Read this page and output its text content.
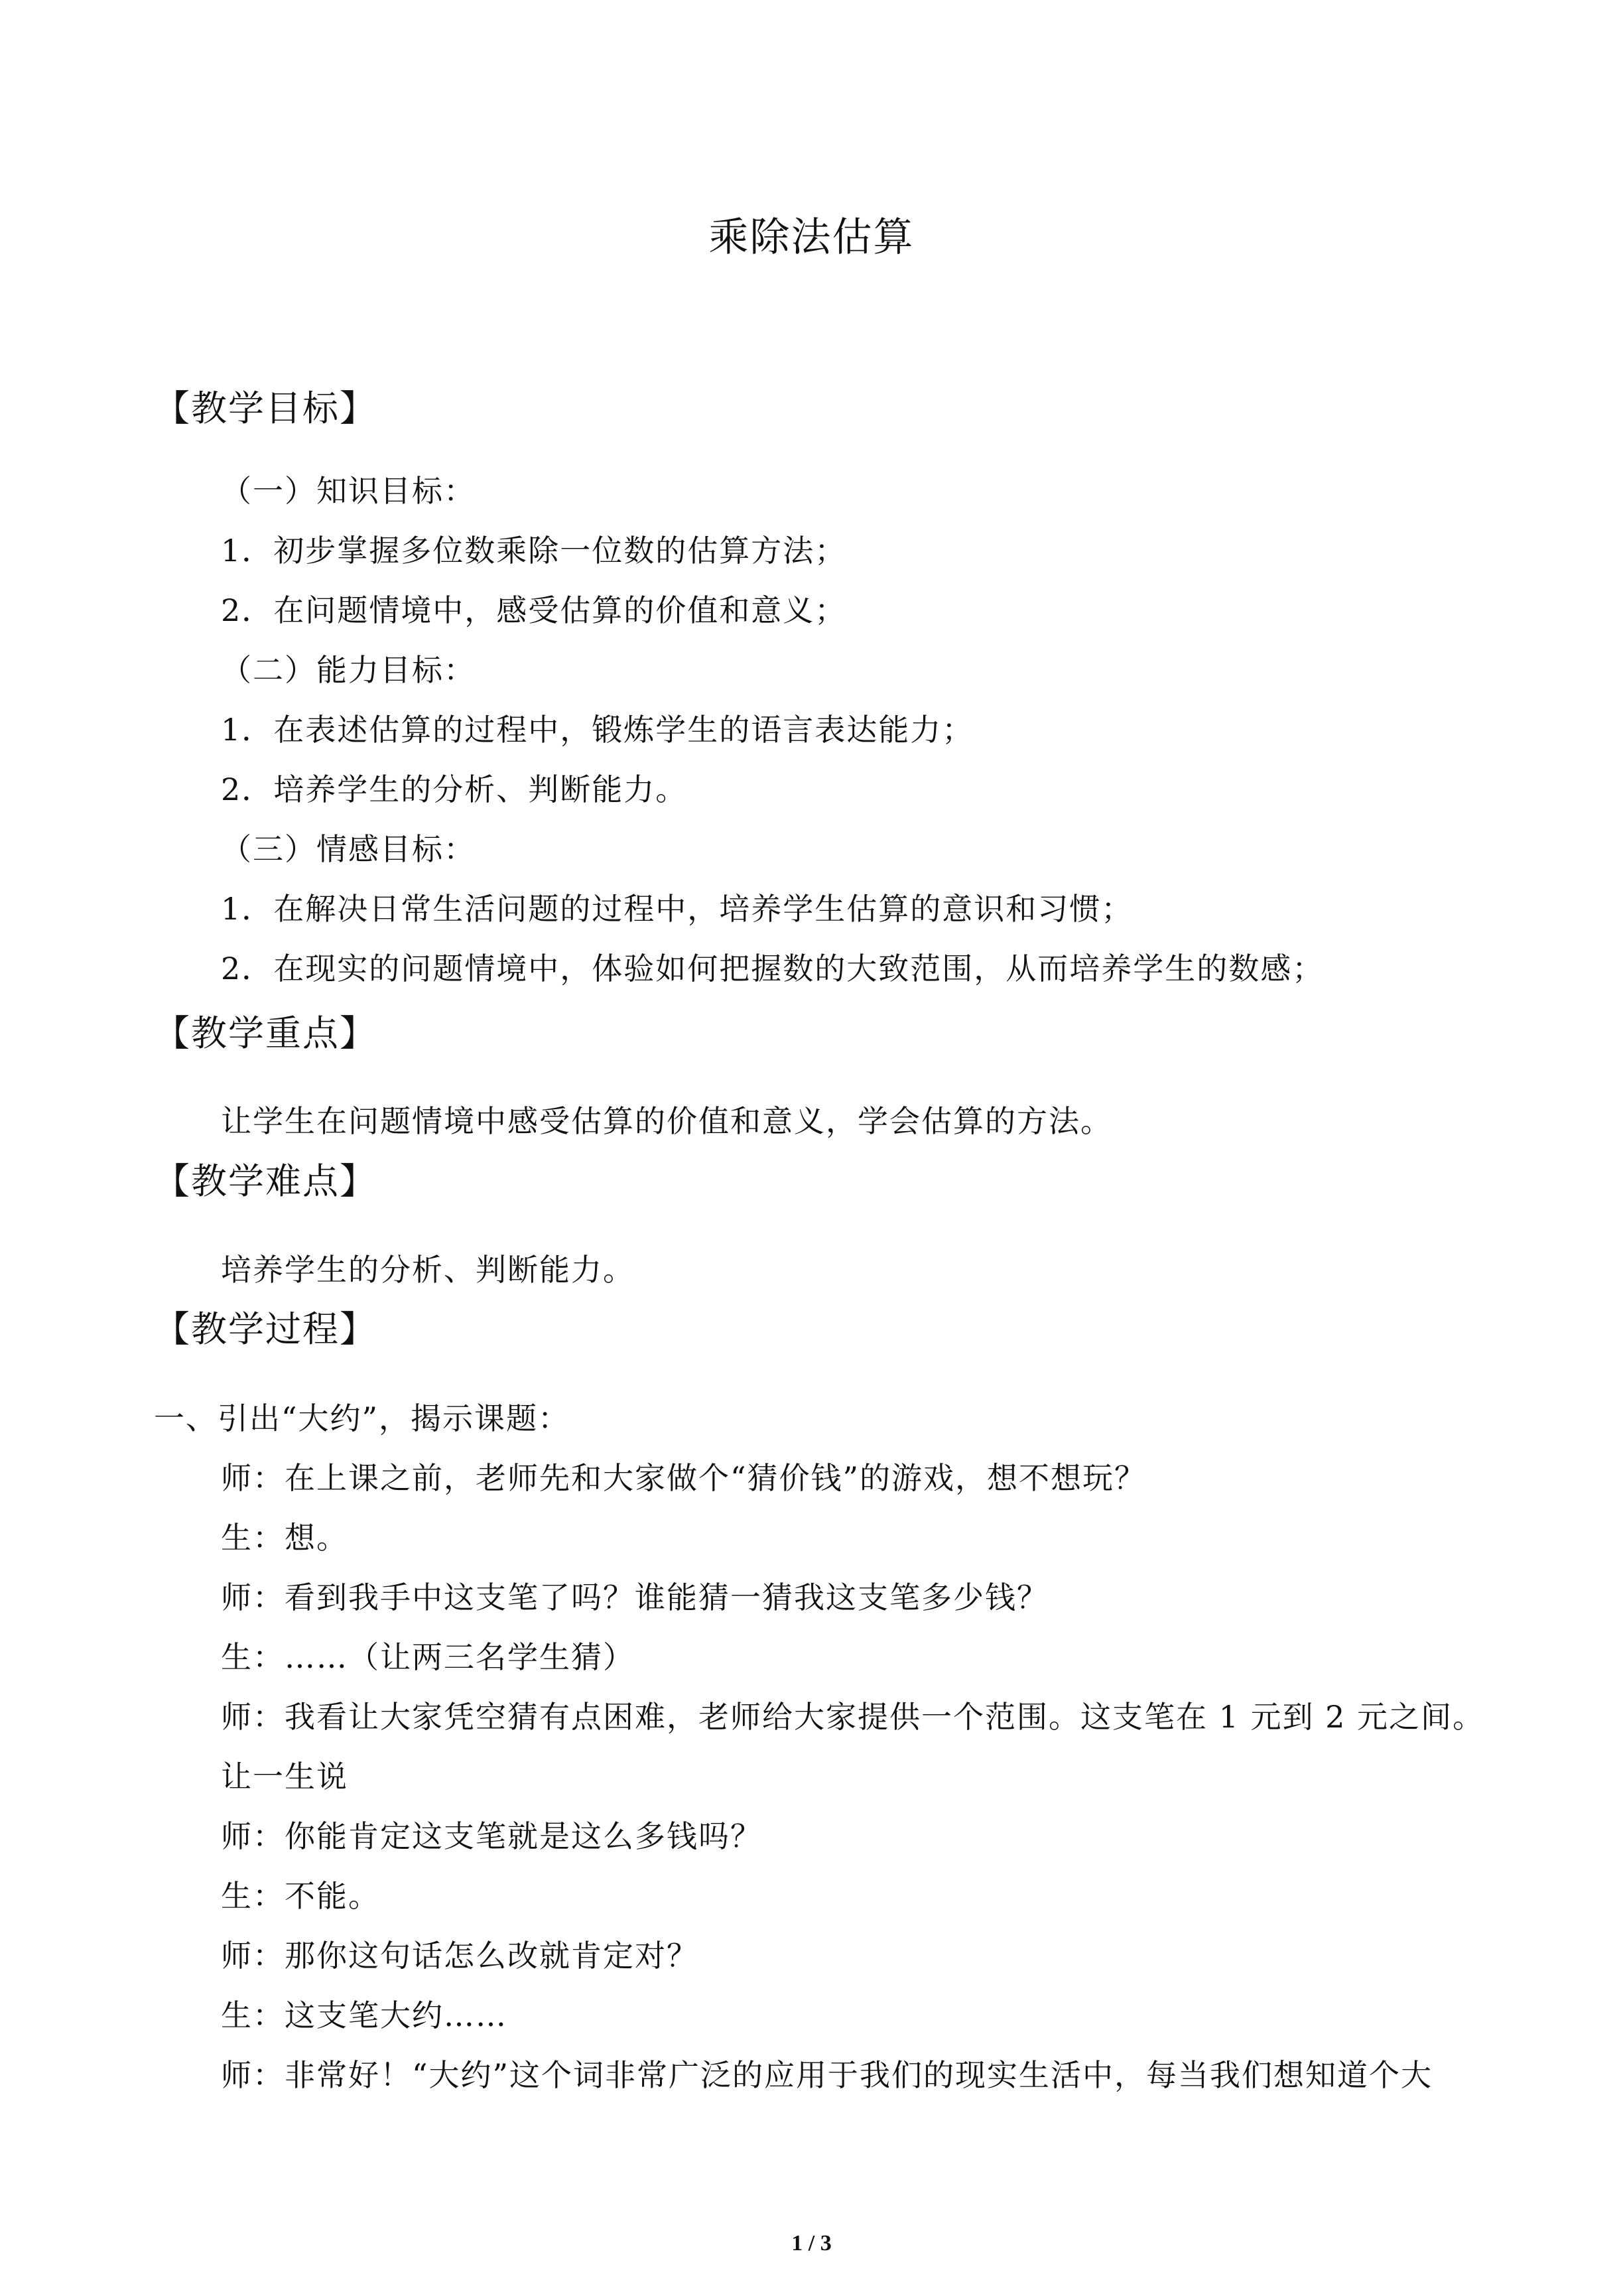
乘除法估算
【教学目标】
（一）知识目标：
1．初步掌握多位数乘除一位数的估算方法；
2．在问题情境中，感受估算的价值和意义；
（二）能力目标：
1．在表述估算的过程中，锻炼学生的语言表达能力；
2．培养学生的分析、判断能力。
（三）情感目标：
1．在解决日常生活问题的过程中，培养学生估算的意识和习惯；
2．在现实的问题情境中，体验如何把握数的大致范围，从而培养学生的数感；
【教学重点】
让学生在问题情境中感受估算的价值和意义，学会估算的方法。
【教学难点】
培养学生的分析、判断能力。
【教学过程】
一、引出“大约”，揭示课题：
师：在上课之前，老师先和大家做个“猜价钱”的游戏，想不想玩？
生：想。
师：看到我手中这支笔了吗？谁能猜一猜我这支笔多少钱？
生：……（让两三名学生猜）
师：我看让大家凭空猜有点困难，老师给大家提供一个范围。这支笔在 1 元到 2 元之间。
让一生说
师：你能肯定这支笔就是这么多钱吗？
生：不能。
师：那你这句话怎么改就肯定对？
生：这支笔大约……
师：非常好！“大约”这个词非常广泛的应用于我们的现实生活中，每当我们想知道个大
1 / 3
